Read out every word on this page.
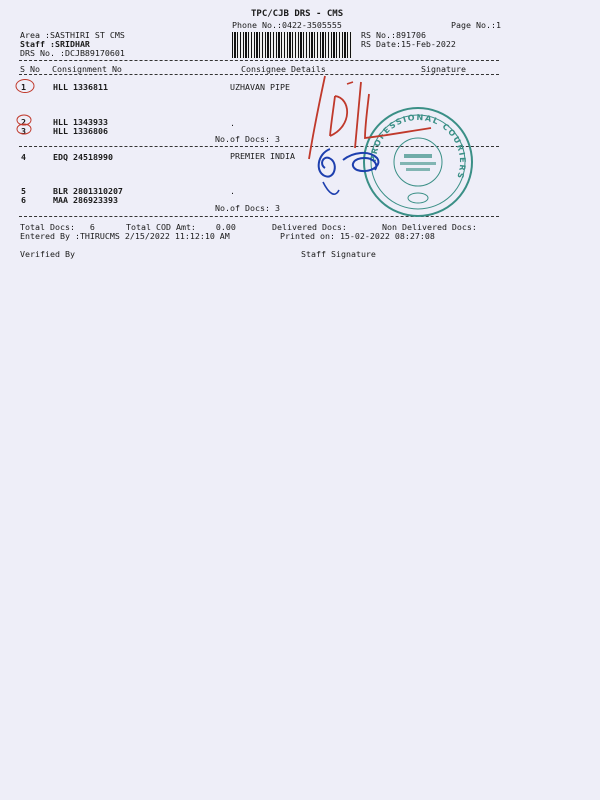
TPC/CJB DRS - CMS
Phone No.:0422-3505555	Page No.:1
Area :SASTHIRI ST CMS
Staff :SRIDHAR
DRS No. :DCJB89170601
RS No.:891706
RS Date:15-Feb-2022
S No Consignment No	Consignee Details	Signature
1	HLL 1336811	UZHAVAN PIPE
2	HLL 1343933
3	HLL 1336806
.
No.of Docs: 3
4	EDQ 24518990	PREMIER INDIA
5	BLR 2801310207
6	MAA 286923393
.
No.of Docs: 3
Total Docs:   6	Total COD Amt:    0.00	Delivered Docs:	Non Delivered Docs:
Entered By :THIRUCMS 2/15/2022 11:12:10 AM	Printed on: 15-02-2022 08:27:08
Verified By	Staff Signature
PROFESSIONAL COURIERS
